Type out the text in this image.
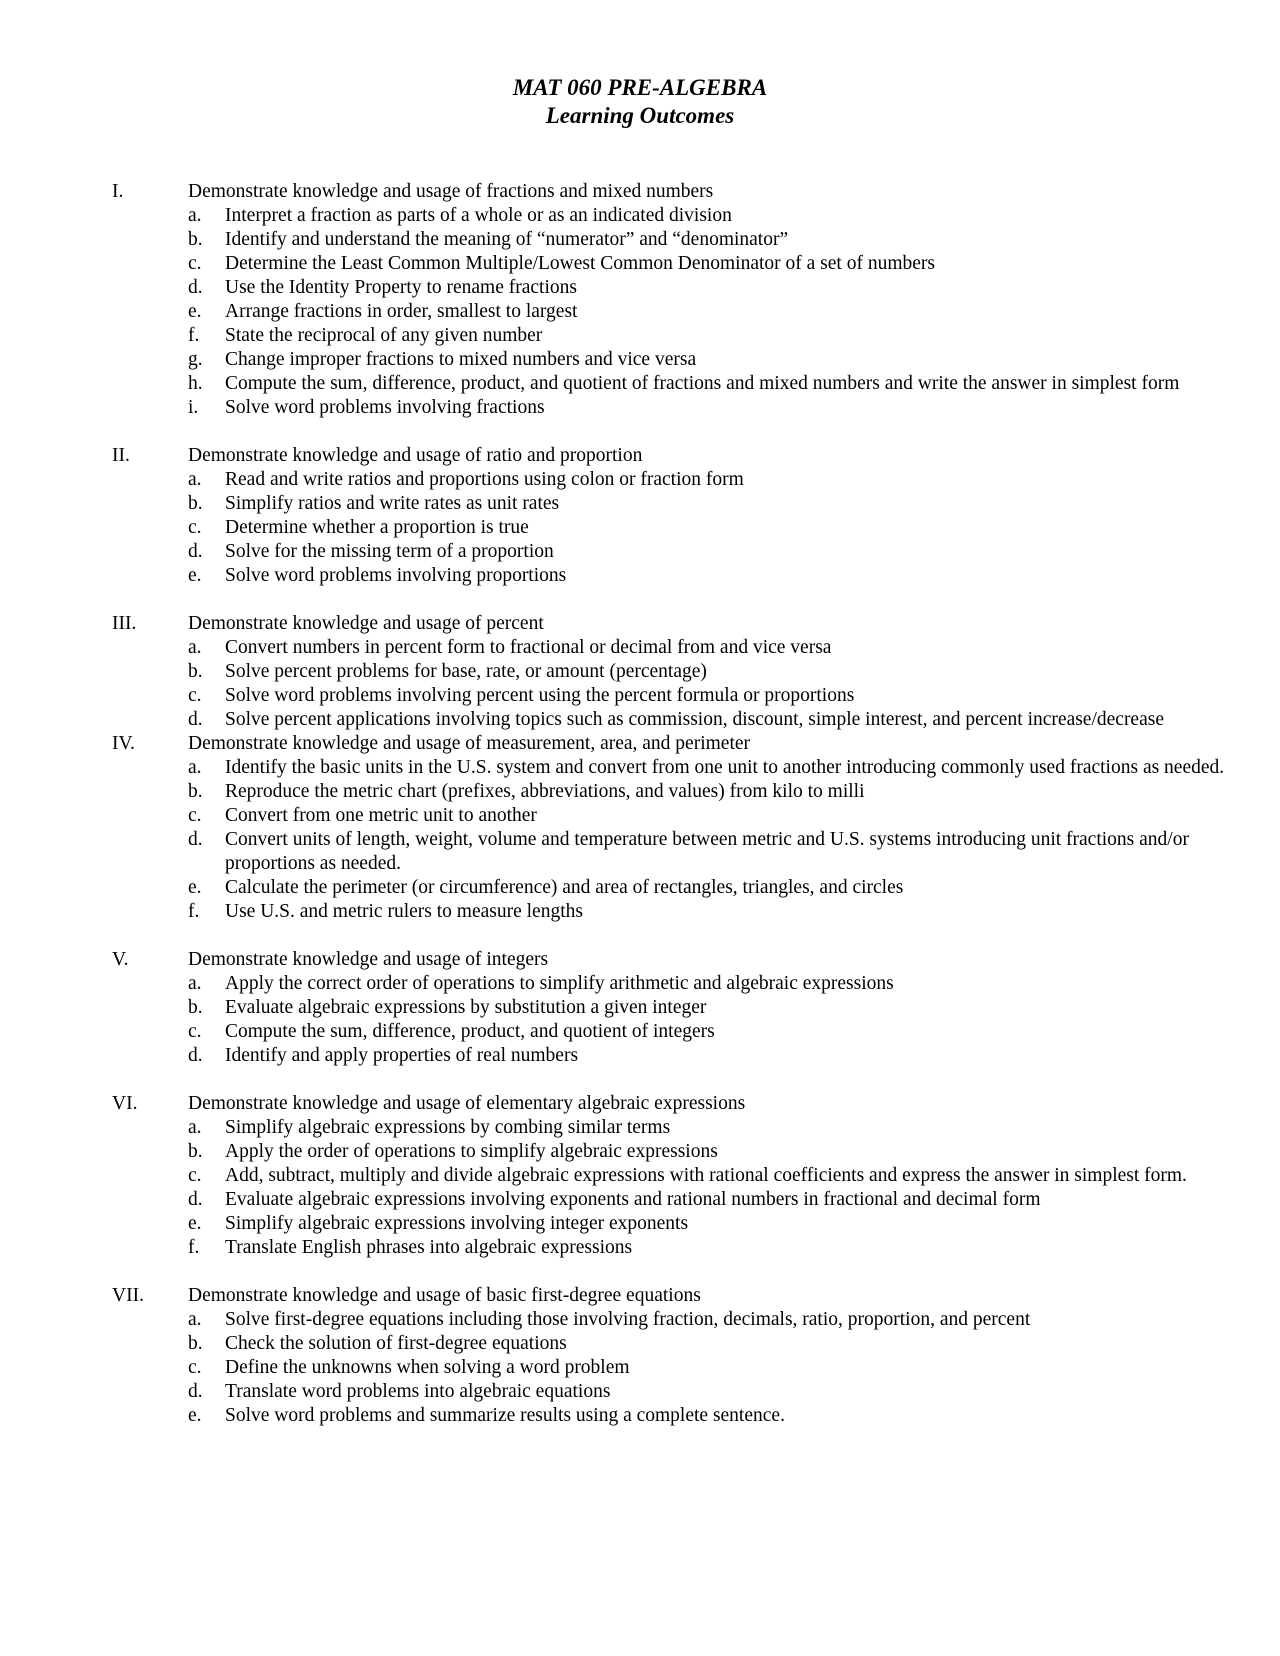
MAT 060 PRE-ALGEBRA
Learning Outcomes
I.	Demonstrate knowledge and usage of fractions and mixed numbers
a.	Interpret a fraction as parts of a whole or as an indicated division
b.	Identify and understand the meaning of “numerator” and “denominator”
c.	Determine the Least Common Multiple/Lowest Common Denominator of a set of numbers
d.	Use the Identity Property to rename fractions
e.	Arrange fractions in order, smallest to largest
f.	State the reciprocal of any given number
g.	Change improper fractions to mixed numbers and vice versa
h.	Compute the sum, difference, product, and quotient of fractions and mixed numbers and write the answer in simplest form
i.	Solve word problems involving fractions
II.	Demonstrate knowledge and usage of ratio and proportion
a.	Read and write ratios and proportions using colon or fraction form
b.	Simplify ratios and write rates as unit rates
c.	Determine whether a proportion is true
d.	Solve for the missing term of a proportion
e.	Solve word problems involving proportions
III.	Demonstrate knowledge and usage of percent
a.	Convert numbers in percent form to fractional or decimal from and vice versa
b.	Solve percent problems for base, rate, or amount (percentage)
c.	Solve word problems involving percent using the percent formula or proportions
d.	Solve percent applications involving topics such as commission, discount, simple interest, and percent increase/decrease
IV.	Demonstrate knowledge and usage of measurement, area, and perimeter
a.	Identify the basic units in the U.S. system and convert from one unit to another introducing commonly used fractions as needed.
b.	Reproduce the metric chart (prefixes, abbreviations, and values) from kilo to milli
c.	Convert from one metric unit to another
d.	Convert units of length, weight, volume and temperature between metric and U.S. systems introducing unit fractions and/or proportions as needed.
e.	Calculate the perimeter (or circumference) and area of rectangles, triangles, and circles
f.	Use U.S. and metric rulers to measure lengths
V.	Demonstrate knowledge and usage of integers
a.	Apply the correct order of operations to simplify arithmetic and algebraic expressions
b.	Evaluate algebraic expressions by substitution a given integer
c.	Compute the sum, difference, product, and quotient of integers
d.	Identify and apply properties of real numbers
VI.	Demonstrate knowledge and usage of elementary algebraic expressions
a.	Simplify algebraic expressions by combing similar terms
b.	Apply the order of operations to simplify algebraic expressions
c.	Add, subtract, multiply and divide algebraic expressions with rational coefficients and express the answer in simplest form.
d.	Evaluate algebraic expressions involving exponents and rational numbers in fractional and decimal form
e.	Simplify algebraic expressions involving integer exponents
f.	Translate English phrases into algebraic expressions
VII.	Demonstrate knowledge and usage of basic first-degree equations
a.	Solve first-degree equations including those involving fraction, decimals, ratio, proportion, and percent
b.	Check the solution of first-degree equations
c.	Define the unknowns when solving a word problem
d.	Translate word problems into algebraic equations
e.	Solve word problems and summarize results using a complete sentence.
